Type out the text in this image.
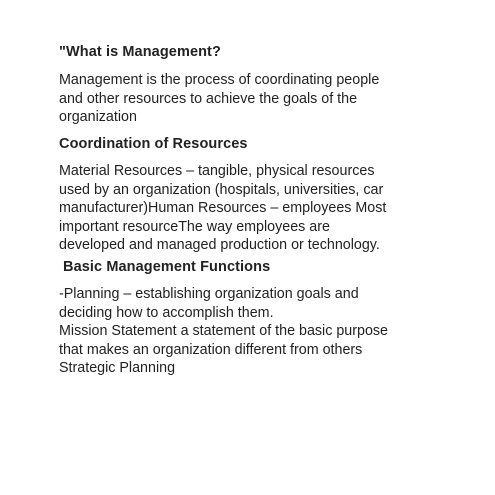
"What is Management?
Management is the process of coordinating people
and other resources to achieve the goals of the
organization
Coordination of Resources
Material Resources – tangible, physical resources
used by an organization (hospitals, universities, car
manufacturer)Human Resources – employees Most
important resourceThe way employees are
developed and managed production or technology.
Basic Management Functions
-Planning – establishing organization goals and
deciding how to accomplish them.
Mission Statement a statement of the basic purpose
that makes an organization different from others
Strategic Planning
